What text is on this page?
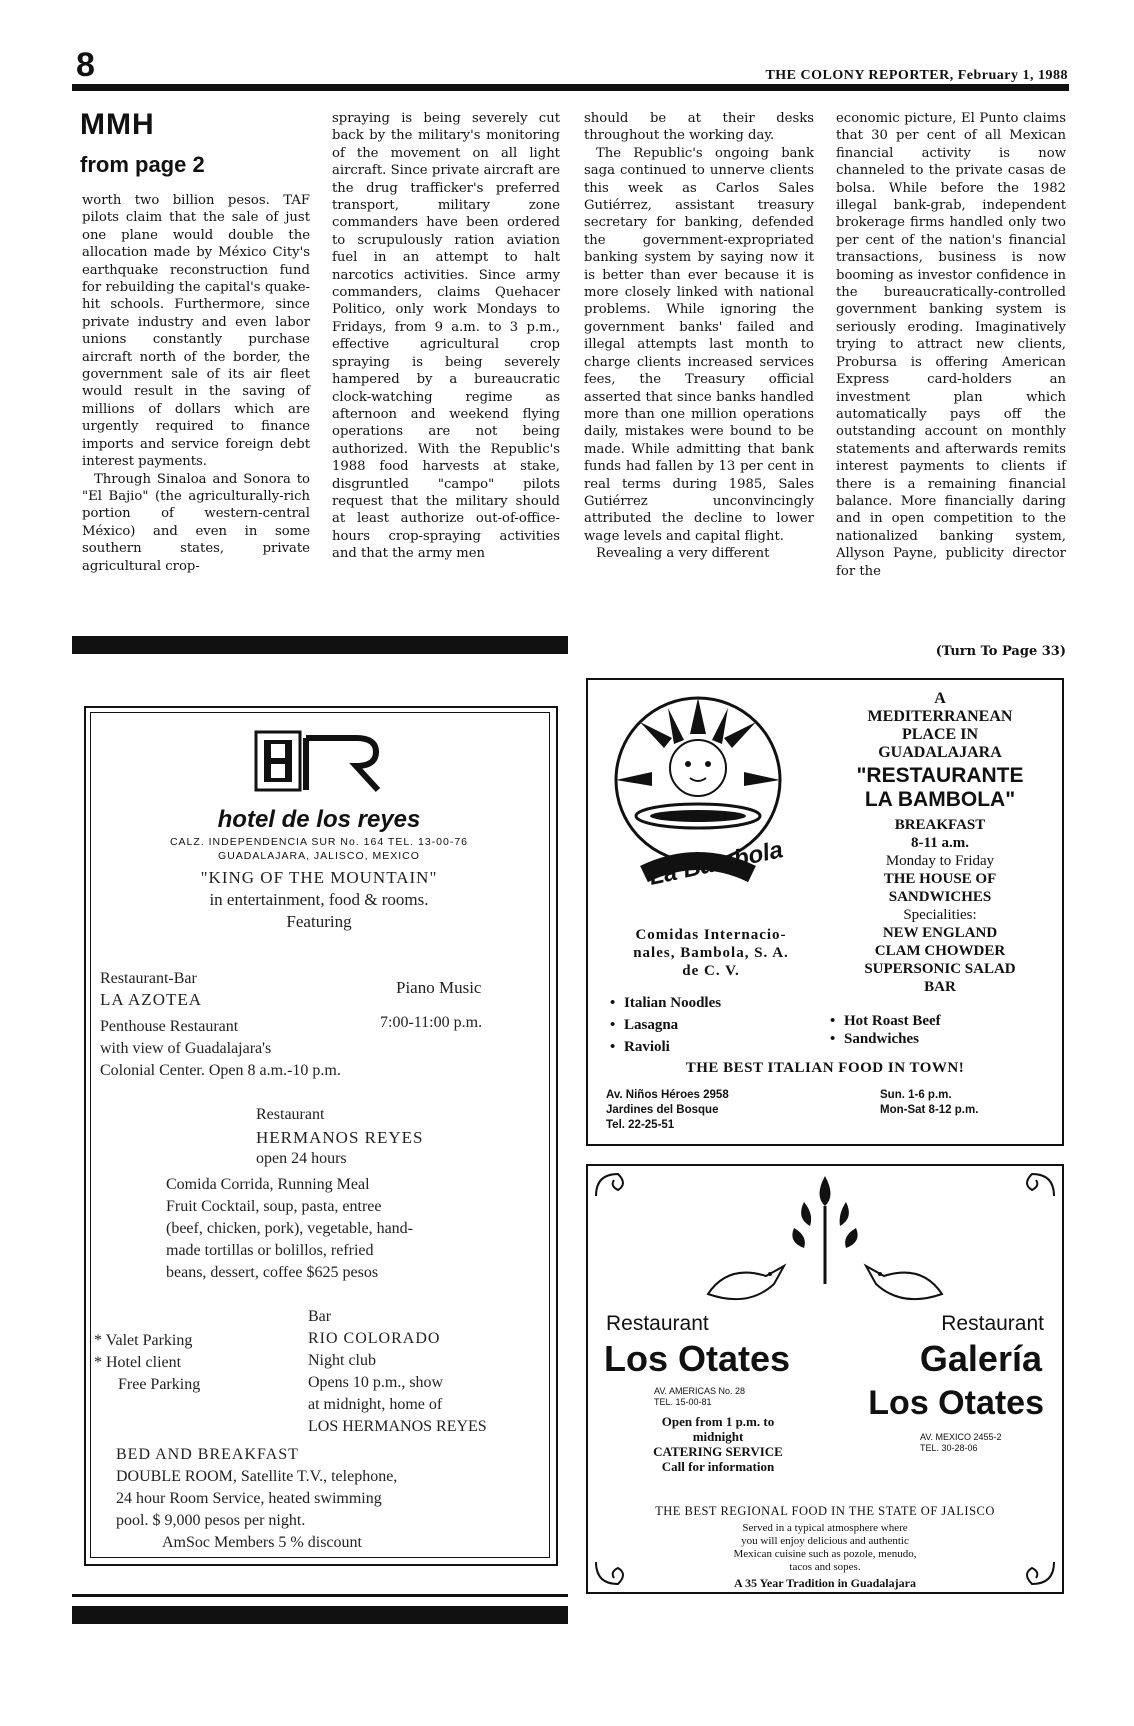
8	THE COLONY REPORTER, February 1, 1988
MMH
from page 2

worth two billion pesos. TAF pilots claim that the sale of just one plane would double the allocation made by México City's earthquake reconstruction fund for rebuilding the capital's quake-hit schools. Furthermore, since private industry and even labor unions constantly purchase aircraft north of the border, the government sale of its air fleet would result in the saving of millions of dollars which are urgently required to finance imports and service foreign debt interest payments.

Through Sinaloa and Sonora to "El Bajio" (the agriculturally-rich portion of western-central México) and even in some southern states, private agricultural crop-

spraying is being severely cut back by the military's monitoring of the movement on all light aircraft. Since private aircraft are the drug trafficker's preferred transport, military zone commanders have been ordered to scrupulously ration aviation fuel in an attempt to halt narcotics activities. Since army commanders, claims Quehacer Politico, only work Mondays to Fridays, from 9 a.m. to 3 p.m., effective agricultural crop spraying is being severely hampered by a bureaucratic clock-watching regime as afternoon and weekend flying operations are not being authorized. With the Republic's 1988 food harvests at stake, disgruntled "campo" pilots request that the military should at least authorize out-of-office-hours crop-spraying activities and that the army men

should be at their desks throughout the working day.

The Republic's ongoing bank saga continued to unnerve clients this week as Carlos Sales Gutiérrez, assistant treasury secretary for banking, defended the government-expropriated banking system by saying now it is better than ever because it is more closely linked with national problems. While ignoring the government banks' failed and illegal attempts last month to charge clients increased services fees, the Treasury official asserted that since banks handled more than one million operations daily, mistakes were bound to be made. While admitting that bank funds had fallen by 13 per cent in real terms during 1985, Sales Gutiérrez unconvincingly attributed the decline to lower wage levels and capital flight.

Revealing a very different

economic picture, El Punto claims that 30 per cent of all Mexican financial activity is now channeled to the private casas de bolsa. While before the 1982 illegal bank-grab, independent brokerage firms handled only two per cent of the nation's financial transactions, business is now booming as investor confidence in the bureaucratically-controlled government banking system is seriously eroding. Imaginatively trying to attract new clients, Probursa is offering American Express card-holders an investment plan which automatically pays off the outstanding account on monthly statements and afterwards remits interest payments to clients if there is a remaining financial balance. More financially daring and in open competition to the nationalized banking system, Allyson Payne, publicity director for the

(Turn To Page 33)
hotel de los reyes
CALZ. INDEPENDENCIA SUR No. 164 TEL. 13-00-76
GUADALAJARA, JALISCO, MEXICO
"KING OF THE MOUNTAIN"
in entertainment, food & rooms.
Featuring
Restaurant-Bar
LA AZOTEA
Piano Music
7:00-11:00 p.m.
Penthouse Restaurant
with view of Guadalajara's
Colonial Center. Open 8 a.m.-10 p.m.
Restaurant
HERMANOS REYES
open 24 hours
Comida Corrida, Running Meal
Fruit Cocktail, soup, pasta, entree
(beef, chicken, pork), vegetable, hand-
made tortillas or bolillos, refried
beans, dessert, coffee $625 pesos
* Valet Parking
* Hotel client
Free Parking
Bar
RIO COLORADO
Night club
Opens 10 p.m., show
at midnight, home of
LOS HERMANOS REYES
BED AND BREAKFAST
DOUBLE ROOM, Satellite T.V., telephone,
24 hour Room Service, heated swimming
pool. $ 9,000 pesos per night.
AmSoc Members 5 % discount
La Bambola
A
MEDITERRANEAN
PLACE IN
GUADALAJARA
"RESTAURANTE
LA BAMBOLA"
BREAKFAST
8-11 a.m.
Monday to Friday
THE HOUSE OF
SANDWICHES
Specialities:
NEW ENGLAND
CLAM CHOWDER
SUPERSONIC SALAD
BAR
Comidas Internacio-
nales, Bambola, S. A.
de C. V.
• Italian Noodles
• Lasagna
• Ravioli
• Hot Roast Beef
• Sandwiches
THE BEST ITALIAN FOOD IN TOWN!
Av. Niños Héroes 2958
Jardines del Bosque
Tel. 22-25-51
Sun. 1-6 p.m.
Mon-Sat 8-12 p.m.
Restaurant
Los Otates
AV. AMERICAS No. 28
TEL. 15-00-81
Restaurant
Galería
Los Otates
AV. MEXICO 2455-2
TEL. 30-28-06
Open from 1 p.m. to
midnight
CATERING SERVICE
Call for information
THE BEST REGIONAL FOOD IN THE STATE OF JALISCO
Served in a typical atmosphere where
you will enjoy delicious and authentic
Mexican cuisine such as pozole, menudo,
tacos and sopes.
A 35 Year Tradition in Guadalajara
